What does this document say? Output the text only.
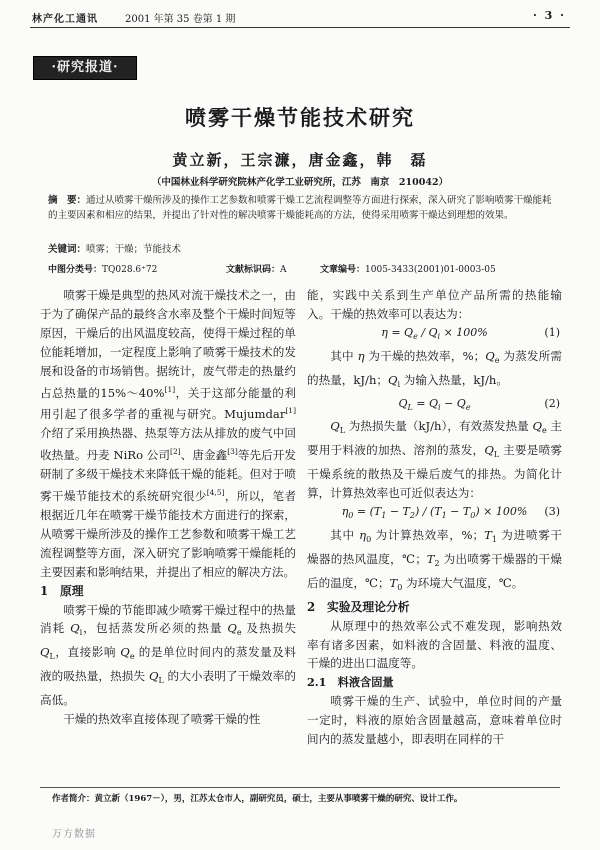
林产化工通讯	2001 年第 35 卷第 1 期	· 3 ·
·研究报道·
喷雾干燥节能技术研究
黄立新，王宗濂，唐金鑫，韩　磊
（中国林业科学研究院林产化学工业研究所，江苏　南京　210042）
摘　要：通过从喷雾干燥所涉及的操作工艺参数和喷雾干燥工艺流程调整等方面进行探索，深入研究了影响喷雾干燥能耗的主要因素和相应的结果，并提出了针对性的解决喷雾干燥能耗高的方法，使得采用喷雾干燥达到理想的效果。
关键词：喷雾；干燥；节能技术
中图分类号：TQ028.6⁺72	文献标识码：A	文章编号：1005-3433(2001)01-0003-05

喷雾干燥是典型的热风对流干燥技术之一，由于为了确保产品的最终含水率及整个干燥时间短等原因，干燥后的出风温度较高，使得干燥过程的单位能耗增加，一定程度上影响了喷雾干燥技术的发展和设备的市场销售。据统计，废气带走的热量约占总热量的15%～40%[1]，关于这部分能量的利用引起了很多学者的重视与研究。Mujumdar[1]介绍了采用换热器、热泵等方法从排放的废气中回收热量。丹麦 NiRo 公司[2]、唐金鑫[3]等先后开发研制了多级干燥技术来降低干燥的能耗。但对于喷雾干燥节能技术的系统研究很少[4,5]，所以，笔者根据近几年在喷雾干燥节能技术方面进行的探索，从喷雾干燥所涉及的操作工艺参数和喷雾干燥工艺流程调整等方面，深入研究了影响喷雾干燥能耗的主要因素和影响结果，并提出了相应的解决方法。

1　原理

喷雾干燥的节能即减少喷雾干燥过程中的热量消耗 $Q_i$，包括蒸发所必须的热量 $Q_e$ 及热损失 $Q_L$，直接影响 $Q_e$ 的是单位时间内的蒸发量及料液的吸热量，热损失 $Q_L$ 的大小表明了干燥效率的高低。

干燥的热效率直接体现了喷雾干燥的性

能，实践中关系到生产单位产品所需的热能输入。干燥的热效率可以表达为：

$\eta = Q_e / Q_i \times 100\%$	(1)

其中 η 为干燥的热效率，%；$Q_e$ 为蒸发所需的热量，kJ/h；$Q_i$ 为输入热量，kJ/h。

$Q_L = Q_i - Q_e$	(2)

$Q_L$ 为热损失量（kJ/h），有效蒸发热量 $Q_e$ 主要用于料液的加热、溶剂的蒸发，$Q_L$ 主要是喷雾干燥系统的散热及干燥后废气的排热。为简化计算，计算热效率也可近似表达为：

$\eta_0 = (T_1 - T_2) / (T_1 - T_0) \times 100\%$ (3)

其中 $\eta_0$ 为计算热效率，%；$T_1$ 为进喷雾干燥器的热风温度，℃；$T_2$ 为出喷雾干燥器的干燥后的温度，℃；$T_0$ 为环境大气温度，℃。

2　实验及理论分析

从原理中的热效率公式不难发现，影响热效率有诸多因素，如料液的含固量、料液的温度、干燥的进出口温度等。

2.1　料液含固量

喷雾干燥的生产、试验中，单位时间的产量一定时，料液的原始含固量越高，意味着单位时间内的蒸发量越小，即表明在同样的干

作者简介：黄立新（1967－），男，江苏太仓市人，副研究员，硕士，主要从事喷雾干燥的研究、设计工作。
万方数据
